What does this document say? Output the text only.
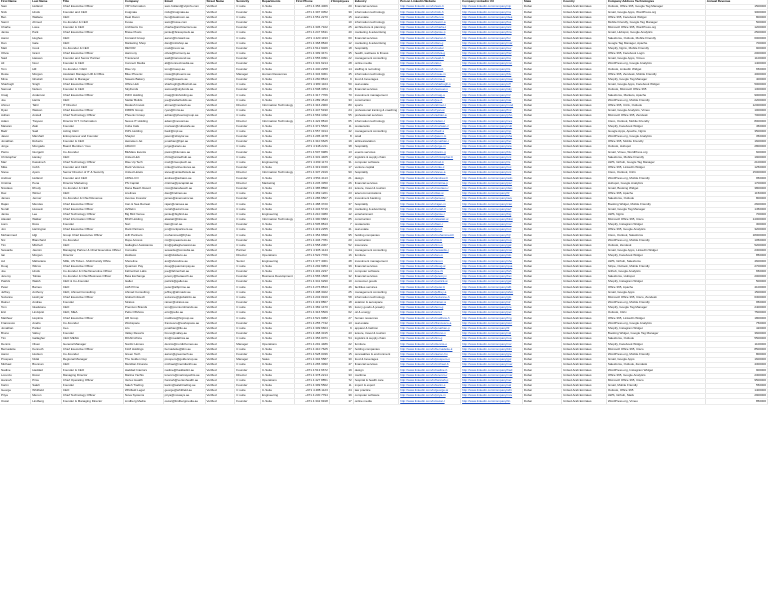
First Name	Last Name	Title	Company	Email	Street Name	Seniority	Departments	First Phone	# Employees	Industry	Person Linkedin Website	Company Linkedin Url	State	Country	Company Address Technologies	Annual Revenue
Sam	Holland	Chief Executive Officer	VIP Information	sam.holland@vipinfo.com	Verified	C suite	C-Suite	+971 4 356 4006	20	financial services	http://www.linkedin.com/in/sam-h	http://www.linkedin.com/company/vip	Dubai	United Arab Emirates	Outlook, Office 365, Google Tag Manager	1500000
Nick	Hinds	Founder and CEO	Insignaia	nick@insignaia.ae	Verified	Founder	C-Suite	+971 4 397 0052	30	information technology	http://www.linkedin.com/in/nick-h	http://www.linkedin.com/company/ins	Dubai	United Arab Emirates	Gmail, Google Apps, WordPress.org	3000000
Ben	Wallace	CEO	Deal Room	ben@dealroom.ae	Verified	C suite	C-Suite	+971 4 551 2270	15	real estate	http://www.linkedin.com/in/ben-w	http://www.linkedin.com/company/dea	Dubai	United Arab Emirates	Office 365, Facebook Widget	800000
Samir	Ahmed	Co-founder & CEO	Fusse	sam@fusse.com	Verified	Founder	C-Suite		10	information technology	http://www.linkedin.com/in/samir-a	http://www.linkedin.com/company/fus	Dubai	United Arab Emirates	Mobile Friendly, Google Tag Manager	500000
Charlie	Lowe	Founder & CEO	Architects Co	charlie@architectsco.ae	Verified	Founder	C-Suite	+971 4 336 7102	25	architecture & planning	http://www.linkedin.com/in/charlie-l	http://www.linkedin.com/company/arc	Dubai	United Arab Emirates	Microsoft Office 365, WordPress.org	1200000
Jamie	Park	Chief Executive Officer	Brave Pixels	jamie@bravepixels.ae	Verified	C suite	C-Suite	+971 4 247 6631	40	marketing & advertising	http://www.linkedin.com/in/jamie-p	http://www.linkedin.com/company/bra	Dubai	United Arab Emirates	Gmail, Hubspot, Google Analytics	2500000
Aaron	Hughes	CEO	Forward Group	aaron@forward.ae	Verified	C suite	C-Suite	+971 4 420 1193	60	financial services	http://www.linkedin.com/in/aaron-h	http://www.linkedin.com/company/for	Dubai	United Arab Emirates	Salesforce, Outlook, Mobile Friendly	6000000
Dan	Gale	CEO	Marketing Shop	dan@mktshop.ae	Verified	C suite	C-Suite	+971 4 368 8840	12	marketing & advertising	http://www.linkedin.com/in/dan-g	http://www.linkedin.com/company/mar	Dubai	United Arab Emirates	Google Tag Manager, Apache	700000
Matt	Cook	Co-Founder & CEO	REVOR	matt@revor.ae	Verified	Founder	C-Suite	+971 4 512 9026	18	hospitality	http://www.linkedin.com/in/matt-c	http://www.linkedin.com/company/rev	Dubai	United Arab Emirates	Shopify, Nginx, Mobile Friendly	900000
Olivia	Grant	Chief Executive Officer	Harmony	olivia@harmony.ae	Verified	C suite	C-Suite	+971 4 399 3471	35	health, wellness & fitness	http://www.linkedin.com/in/olivia-g	http://www.linkedin.com/company/har	Dubai	United Arab Emirates	Office 365, Facebook Login	2000000
Said	Hassan	Founder and Senior Partner	Transcend	said@transcend.ae	Verified	Founder	C-Suite	+971 4 555 0091	22	management consulting	http://www.linkedin.com/in/said-h	http://www.linkedin.com/company/tra	Dubai	United Arab Emirates	Gmail, Google Apps, Vimeo	1100000
Ali	Noor	Founder & CEO	Connect Media	ali@connectmedia.ae	Verified	Founder	C-Suite	+971 4 331 6214	28	online media	http://www.linkedin.com/in/ali-n	http://www.linkedin.com/company/con	Dubai	United Arab Emirates	WordPress.org, Google Analytics	1400000
Tom	Hill	Co-founder / CEO	Rise Up	tom@riseup.ae	Verified	Founder	C-Suite	+971 4 440 2258	14	staffing & recruiting	http://www.linkedin.com/in/tom-h	http://www.linkedin.com/company/ris	Dubai	United Arab Emirates	Outlook, LinkedIn Widget	650000
Rosie	Morgan	Assistant Manager HR & Office	Blue Phoenix	rosie@bphoenix.ae	Verified	Manager	Human Resources	+971 4 334 9061	45	information technology	http://www.linkedin.com/in/rosie-m	http://www.linkedin.com/company/blu	Dubai	United Arab Emirates	Office 365, Zendesk, Mobile Friendly	4000000
Mina	Ghazali	Founder & Manager	Sweets Bakery	mina@sweets.ae	Verified	Founder	C-Suite	+971 4 260 8813	9	food & beverages	http://www.linkedin.com/in/mina-g	http://www.linkedin.com/company/swe	Dubai	United Arab Emirates	Shopify, Google Tag Manager	400000
Sharbugh	Singh	Chief Executive Officer	Office Hub	sharbugh@officehub.ae	Verified	C suite	C-Suite	+971 4 383 1104	50	real estate	http://www.linkedin.com/in/sharbugh-s	http://www.linkedin.com/company/off	Dubai	United Arab Emirates	Gmail, Google Apps, Facebook Widget	5000000
Samuel	Nelson	Founder & CEO	SkyFunds	samuel@skyfunds.ae	Verified	Founder	C-Suite	+971 4 508 3354	16	financial services	http://www.linkedin.com/in/samuel-n	http://www.linkedin.com/company/sky	Dubai	United Arab Emirates	Outlook, Microsoft Office 365	1300000
Craig	Anderson	Chief Executive Officer	INFO Holding	craig@infoholding.ae	Verified	C suite	C-Suite	+971 4 317 7766	70	investment management	http://www.linkedin.com/in/craig-a	http://www.linkedin.com/company/inf	Dubai	United Arab Emirates	Salesforce, Marketo, Apache	9000000
Joe	Harris	CEO	Stellar Builds	joe@stellarbuilds.ae	Verified	C suite	C-Suite	+971 4 289 4510	33	construction	http://www.linkedin.com/in/joe-h	http://www.linkedin.com/company/ste	Dubai	United Arab Emirates	WordPress.org, Mobile Friendly	2200000
Ahmet	Tahir	IT Director	Modesh Invest	ahmet@modesh.ae	Verified	Director	Information Technology	+971 4 316 2900	80	sports	http://www.linkedin.com/in/ahmet-t	http://www.linkedin.com/company/mod	Dubai	United Arab Emirates	Office 365, Citrix, Outlook	12000000
Ryan	Watson	Chief Executive Officer	FMRW Group	ryan@fmrw.ae	Verified	C suite	C-Suite	+971 4 447 5190	24	professional training & coaching	http://www.linkedin.com/in/ryan-w	http://www.linkedin.com/company/fmr	Dubai	United Arab Emirates	Gmail, Google Analytics, Vimeo	1000000
Adrian	Anstell	Chief Technology Officer	Phoenix Group	adrian@phoenixgroup.ae	Verified	C suite	C-Suite	+971 4 563 1032	55	professional services	http://www.linkedin.com/in/adrian-a	http://www.linkedin.com/company/pho	Dubai	United Arab Emirates	Microsoft Office 365, Zendesk	7000000
Adam	Trayson	Director ICT / Information	Nexus IT Holding	adam@nexusit.ae	Verified	Director	Information Technology	+971 4 422 8810	65	information technology	http://www.linkedin.com/in/adam-t	http://www.linkedin.com/company/nex	Dubai	United Arab Emirates	Cisco, Outlook, Mobile Friendly	8000000
Marwan	Zaki	Founder	Cuba Cafe	marwan@cubacafe.ae	Verified	Founder	C-Suite	+971 4 371 5520	11	restaurants	http://www.linkedin.com/in/marwan-z	http://www.linkedin.com/company/cub	Dubai	United Arab Emirates	Shopify, Facebook Widget	450000
Badr	Said	Acting CEO	INPL Holding	badr@inpl.ae	Verified	C suite	C-Suite	+971 4 557 3314	42	management consulting	http://www.linkedin.com/in/badr-s	http://www.linkedin.com/company/inp	Dubai	United Arab Emirates	Google Apps, Apache, Nginx	3500000
Jason	Marshall	Entrepreneur and Founder	Shaylor	jason@shaylor.ae	Verified	Founder	C-Suite	+971 4 295 4478	8	retail	http://www.linkedin.com/in/jason-m	http://www.linkedin.com/company/sha	Dubai	United Arab Emirates	WordPress.org, Google Analytics	350000
Jonathan	Roberts	Founder & CEO	Heineken Jet	jonathan@hjet.ae	Verified	Founder	C-Suite	+971 4 310 6625	19	airlines/aviation	http://www.linkedin.com/in/jonathan-r	http://www.linkedin.com/company/hei	Dubai	United Arab Emirates	Office 365, Mobile Friendly	1600000
Jorge	Mongado	Board Member / Ceo	ARACO	jorge@araco.ae	Verified	C suite	C-Suite	+971 4 348 2211	38	hospitality	http://www.linkedin.com/in/jorge-m	http://www.linkedin.com/company/ara	Dubai	United Arab Emirates	Outlook, Hubspot	2800000
Pietro	Giorgetti	Co-Founder	BluMare Events	pietro@blumare.ae	Verified	Founder	C-Suite	+971 4 507 9986	13	events services	http://www.linkedin.com/in/pietro-g	http://www.linkedin.com/company/blu	Dubai	United Arab Emirates	Gmail, Vimeo, WordPress.org	600000
Christopher	Hanley	CEO	United Hub	chris@unitedhub.ae	Verified	C suite	C-Suite	+971 4 331 4405	27	logistics & supply chain	http://www.linkedin.com/in/christopher-h	http://www.linkedin.com/company/uni	Dubai	United Arab Emirates	Salesforce, Mobile Friendly	1900000
Maz	Kassimeh	Chief Technology Officer	Rise Up Tech	maz@riseuptech.ae	Verified	C suite	Engineering	+971 4 299 1173	31	computer software	http://www.linkedin.com/in/maz-k	http://www.linkedin.com/company/ris	Dubai	United Arab Emirates	AWS, Github, Google Tag Manager	2100000
Mike	Cobb	Founder and CEO	Rock Ventures	mike@rockventures.ae	Verified	Founder	C-Suite	+971 4 319 0046	17	venture capital	http://www.linkedin.com/in/mike-c	http://www.linkedin.com/company/roc	Dubai	United Arab Emirates	Office 365, LinkedIn Widget	1250000
Steve	Ayers	Senior Director of IT & Security	United Hotels	steve@unitedhotels.ae	Verified	Director	Information Technology	+971 4 337 2919	90	hospitality	http://www.linkedin.com/in/steve-a	http://www.linkedin.com/company/uni	Dubai	United Arab Emirates	Cisco, Outlook, Citrix	15000000
Andrew	Holland	Founder and CEO	ADNA-CO	andrew@adnaco.ae	Verified	Founder	C-Suite	+971 4 554 4113	21	design	http://www.linkedin.com/in/andrew-h	http://www.linkedin.com/company/adn	Dubai	United Arab Emirates	WordPress.org, Mobile Friendly	950000
Cristina	Pena	Director Marketing	PS Capital	cristina@pscapital.ae	Verified	Director	Marketing	+971 4 245 3350	26	financial services	http://www.linkedin.com/in/cristina-p	http://www.linkedin.com/company/psc	Dubai	United Arab Emirates	Hubspot, Google Analytics	1700000
Nicolaus	Rhody	Co-founder & CEO	Dana Beach Resort	nico@danabeach.ae	Verified	Founder	C-Suite	+971 4 385 8890	44	leisure, travel & tourism	http://www.linkedin.com/in/nicolaus-r	http://www.linkedin.com/company/dan	Dubai	United Arab Emirates	Gmail, Booking Widget	3800000
Dax	Winter	CEO	Lirelines	dax@lirelines.ae	Verified	C suite	C-Suite	+971 4 469 1201	23	telecommunications	http://www.linkedin.com/in/dax-w	http://www.linkedin.com/company/lir	Dubai	United Arab Emirates	Office 365, Apache	1150000
James	Jenner	Co-Founder & Chief Revenue	Avenue Investor	james@avenueinv.ae	Verified	Founder	C-Suite	+971 4 286 6507	15	investment banking	http://www.linkedin.com/in/james-j	http://www.linkedin.com/company/ave	Dubai	United Arab Emirates	Salesforce, Outlook	800000
Rajan	Mendes	Chief Executive Officer	Can & Sea Retreat	rajan@cansea.ae	Verified	C suite	C-Suite	+971 4 488 3720	37	hospitality	http://www.linkedin.com/in/rajan-m	http://www.linkedin.com/company/can	Dubai	United Arab Emirates	Booking Widget, Mobile Friendly	2600000
Norah	Hussein	Chief Executive Officer	AVRelm	norah@avrelm.ae	Verified	C suite	C-Suite	+971 4 434 5716	29	marketing & advertising	http://www.linkedin.com/in/norah-h	http://www.linkedin.com/company/avr	Dubai	United Arab Emirates	Gmail, Google Tag Manager	1450000
Jamie	Lee	Chief Technology Officer	Big Bird Venue	jamie@bigbird.ae	Verified	C suite	Engineering	+971 4 210 3380	12	entertainment	http://www.linkedin.com/in/jamie-l	http://www.linkedin.com/company/big	Dubai	United Arab Emirates	AWS, Nginx	700000
Alastair	Walker	Chief Information Officer	BKW Holding	alastair@bkw.ae	Verified	C suite	Information Technology	+971 4 390 6684	85	construction	http://www.linkedin.com/in/alastair-w	http://www.linkedin.com/company/bkw	Dubai	United Arab Emirates	Microsoft Office 365, Cisco	14000000
Liam	Ross	Founder	Nori	liam@nori.ae	Verified	Founder	C-Suite	+971 4 505 8813	7	restaurants	http://www.linkedin.com/in/liam-r	http://www.linkedin.com/company/nor	Dubai	United Arab Emirates	Shopify, Instagram Widget	300000
Jon	Harrington	Chief Executive Officer	Rock Partners	jon@rockpartners.ae	Verified	C suite	C-Suite	+971 4 419 2255	41	real estate	http://www.linkedin.com/in/jon-h	http://www.linkedin.com/company/roc	Dubai	United Arab Emirates	Office 365, Google Analytics	3200000
Mohammed	Hijji	Group Chief Executive Officer	HJF Partners	mohammed@hjf.ae	Verified	C suite	C-Suite	+971 4 354 6690	95	holding companies	http://www.linkedin.com/in/mohammed-h	http://www.linkedin.com/company/hjf	Dubai	United Arab Emirates	Cisco, Outlook, Salesforce	18000000
Nic	Blanchard	Co-Founder	Rope Access	nic@ropeaccess.ae	Verified	Founder	C-Suite	+971 4 446 7781	20	construction	http://www.linkedin.com/in/nic-b	http://www.linkedin.com/company/rop	Dubai	United Arab Emirates	WordPress.org, Mobile Friendly	1050000
Tim	Mitchell	CEO	Gallagher Assistance	tim@gallagherassist.ae	Verified	C suite	C-Suite	+971 4 558 2067	52	insurance	http://www.linkedin.com/in/tim-m	http://www.linkedin.com/company/gal	Dubai	United Arab Emirates	Outlook, Zendesk	5200000
Sewarde	Jasmin	Managing Partner & Chief Executive Officer	Consulta	sewarde@consulta.ae	Verified	Partner	C-Suite	+971 4 305 1144	34	management consulting	http://www.linkedin.com/in/sewarde-j	http://www.linkedin.com/company/con	Dubai	United Arab Emirates	Gmail, Google Apps, LinkedIn Widget	2300000
Ian	Morgan	Director	Idoldeco	ian@idoldeco.ae	Verified	Director	Operations	+971 4 522 7706	16	furniture	http://www.linkedin.com/in/ian-m	http://www.linkedin.com/company/ido	Dubai	United Arab Emirates	Shopify, Facebook Widget	850000
Avi	Maharana	SRE, US Ticket - Multi Family Office	Shoreline	avi@shoreline.ae	Verified	Senior	Engineering	+971 4 377 4001	48	investment management	http://www.linkedin.com/in/avi-m	http://www.linkedin.com/company/sho	Dubai	United Arab Emirates	AWS, Github, Salesforce	4600000
Doug	Wilcox	Chief Executive Officer	Quantum Pay	doug@quantumpay.ae	Verified	C suite	C-Suite	+971 4 292 9954	39	financial services	http://www.linkedin.com/in/doug-w	http://www.linkedin.com/company/qua	Dubai	United Arab Emirates	Stripe, Outlook, Mobile Friendly	2700000
Joe	Hinds	Co-founder & Chief Executive Officer	Fahrenheit Labs	joe@fahrenheit.ae	Verified	Founder	C-Suite	+971 4 401 2237	14	computer software	http://www.linkedin.com/in/joe-hi	http://www.linkedin.com/company/fah	Dubai	United Arab Emirates	Github, Google Analytics	650000
Jeremy	Tobias	Co-founder & Chief Business Officer	Beta Exchange	jeremy@betaexch.ae	Verified	Founder	Business Development	+971 4 565 1508	32	financial services	http://www.linkedin.com/in/jeremy-t	http://www.linkedin.com/company/bet	Dubai	United Arab Emirates	Salesforce, Hubspot	2000000
Patrick	Walsh	CEO & Co-Founder	Gallet	patrick@gallet.ae	Verified	Founder	C-Suite	+971 4 341 6290	10	consumer goods	http://www.linkedin.com/in/patrick-w	http://www.linkedin.com/company/gal	Dubai	United Arab Emirates	Shopify, Instagram Widget	500000
Peter	Barnes	CEO	ALB Prime	peter@albprime.ae	Verified	C suite	C-Suite	+971 4 276 8813	46	facilities services	http://www.linkedin.com/in/peter-b	http://www.linkedin.com/company/alb	Dubai	United Arab Emirates	Office 365, Apache	4100000
Jeffrey	Anthony	CEO, Ahmad Consulting	Ahmad Consulting	jeffrey@ahmadc.ae	Verified	C suite	C-Suite	+971 4 498 3022	25	management consulting	http://www.linkedin.com/in/jeffrey-a	http://www.linkedin.com/company/ahm	Dubai	United Arab Emirates	Gmail, Google Apps	1500000
Suzanne	Hoshyar	Chief Executive Officer	Global Infotech	suzanne@globalinfo.ae	Verified	C suite	C-Suite	+971 4 243 0919	58	information technology	http://www.linkedin.com/in/suzanne-h	http://www.linkedin.com/company/glo	Dubai	United Arab Emirates	Microsoft Office 365, Cisco, Zendesk	6300000
Rainer	Andrae	Founder	Stratus	rainer@stratus.ae	Verified	Founder	C-Suite	+971 4 419 8867	18	aviation & aerospace	http://www.linkedin.com/in/rainer-a	http://www.linkedin.com/company/str	Dubai	United Arab Emirates	WordPress.org, Mobile Friendly	950000
Tom	Gladstone	CEO	Premium Brands	tom@premiumbrands.ae	Verified	C suite	C-Suite	+971 4 382 1470	36	luxury goods & jewelry	http://www.linkedin.com/in/tom-g	http://www.linkedin.com/company/pre	Dubai	United Arab Emirates	Shopify, Google Tag Manager	2400000
Eric	Lindqvist	CEO, MEA	Pelto Offshore	eric@pelto.ae	Verified	C suite	C-Suite	+971 4 316 5509	62	oil & energy	http://www.linkedin.com/in/eric-l	http://www.linkedin.com/company/pel	Dubai	United Arab Emirates	Outlook, Citrix	7500000
Matthew	Hopkins	Chief Executive Officer	HR Group	matthew@hrgroup.ae	Verified	C suite	C-Suite	+971 4 521 9382	27	human resources	http://www.linkedin.com/in/matthew-h	http://www.linkedin.com/company/hrg	Dubai	United Arab Emirates	Office 365, LinkedIn Widget	1800000
Francesco	Anello	Co-Founder	Workspace	francesco@workspace.ae	Verified	Founder	C-Suite	+971 4 255 7742	13	real estate	http://www.linkedin.com/in/francesco-a	http://www.linkedin.com/company/wor	Dubai	United Arab Emirates	WordPress.org, Google Analytics	750000
Jonathan	Parker	Ceo	Lilo	jonathan@lilo.ae	Verified	C suite	C-Suite	+971 4 309 6604	9	apparel & fashion	http://www.linkedin.com/in/jonathan-p	http://www.linkedin.com/company/lil	Dubai	United Arab Emirates	Shopify, Instagram Widget	420000
Bruno	Valrey	Founder	Valley Resorts	bruno@valley.ae	Verified	Founder	C-Suite	+971 4 468 3315	43	leisure, travel & tourism	http://www.linkedin.com/in/bruno-v	http://www.linkedin.com/company/val	Dubai	United Arab Emirates	Booking Widget, Google Tag Manager	3600000
Tim	Gallagher	CEO MENA	ROAD Africa	tim@roadafrica.ae	Verified	C suite	C-Suite	+971 4 356 0071	54	logistics & supply chain	http://www.linkedin.com/in/tim-g	http://www.linkedin.com/company/roa	Dubai	United Arab Emirates	Salesforce, Outlook	5500000
Dennis	Olsen	General Manager	Nordic Homes	dennis@nordichomes.ae	Verified	Manager	Operations	+971 4 291 4486	22	furniture	http://www.linkedin.com/in/dennis-o	http://www.linkedin.com/company/nor	Dubai	United Arab Emirates	Shopify, Facebook Widget	1100000
Bernadette	Kenneth	Chief Executive Officer	KLM Holdings	bernadette@klm.ae	Verified	C suite	C-Suite	+971 4 410 7625	67	holding companies	http://www.linkedin.com/in/bernadette-k	http://www.linkedin.com/company/klm	Dubai	United Arab Emirates	Microsoft Office 365, Cisco	8500000
Aaron	Hudson	Co-Founder	Green Tech	aaron@greentech.ae	Verified	Founder	C-Suite	+971 4 528 0036	15	renewables & environment	http://www.linkedin.com/in/aaron-hu	http://www.linkedin.com/company/gre	Dubai	United Arab Emirates	WordPress.org, Mobile Friendly	800000
Prospero	Nidal	Regional Manager	The Golden Cup	prospero@goldencup.ae	Verified	Manager	Sales	+971 4 304 5587	30	food & beverages	http://www.linkedin.com/in/prospero-n	http://www.linkedin.com/company/gol	Dubai	United Arab Emirates	Gmail, Google Apps	1600000
Michael	Brennan	CEO	Meridian Finance	michael@meridianfin.ae	Verified	C suite	C-Suite	+971 4 265 3390	47	financial services	http://www.linkedin.com/in/michael-b	http://www.linkedin.com/company/mer	Dubai	United Arab Emirates	Salesforce, Outlook, Zendesk	4300000
Nadine	Haddad	Founder & CEO	Haddad Interiors	nadine@haddadint.ae	Verified	Founder	C-Suite	+971 4 513 6672	19	design	http://www.linkedin.com/in/nadine-h	http://www.linkedin.com/company/had	Dubai	United Arab Emirates	WordPress.org, Instagram Widget	900000
Lorenzo	Rossi	Managing Director	Marina Yachts	lorenzo@marinayachts.ae	Verified	Director	C-Suite	+971 4 378 2214	33	maritime	http://www.linkedin.com/in/lorenzo-r	http://www.linkedin.com/company/mar	Dubai	United Arab Emirates	Office 365, Google Analytics	2300000
Hannah	Price	Chief Operating Officer	Vertex Health	hannah@vertexhealth.ae	Verified	C suite	Operations	+971 4 427 8851	72	hospital & health care	http://www.linkedin.com/in/hannah-p	http://www.linkedin.com/company/ver	Dubai	United Arab Emirates	Microsoft Office 365, Cisco	9500000
Karim	Saleh	Founder	Saleh Trading	karim@salehtrading.ae	Verified	Founder	C-Suite	+971 4 399 5502	11	import & export	http://www.linkedin.com/in/karim-s	http://www.linkedin.com/company/sal	Dubai	United Arab Emirates	Gmail, Mobile Friendly	550000
George	Whitfield	CEO	Whitfield Legal	george@whitfield.ae	Verified	C suite	C-Suite	+971 4 488 1123	24	law practice	http://www.linkedin.com/in/george-w	http://www.linkedin.com/company/whi	Dubai	United Arab Emirates	Outlook, Office 365	1400000
Priya	Menon	Chief Technology Officer	Nova Systems	priya@novasys.ae	Verified	C suite	Engineering	+971 4 230 7794	39	computer software	http://www.linkedin.com/in/priya-m	http://www.linkedin.com/company/nov	Dubai	United Arab Emirates	AWS, Github, Slack	2900000
Oscar	Lindberg	Founder & Managing Director	Lindberg Media	oscar@lindbergmedia.ae	Verified	Founder	C-Suite	+971 4 342 9918	17	online media	http://www.linkedin.com/in/oscar-l	http://www.linkedin.com/company/lin	Dubai	United Arab Emirates	WordPress.org, Vimeo	850000
